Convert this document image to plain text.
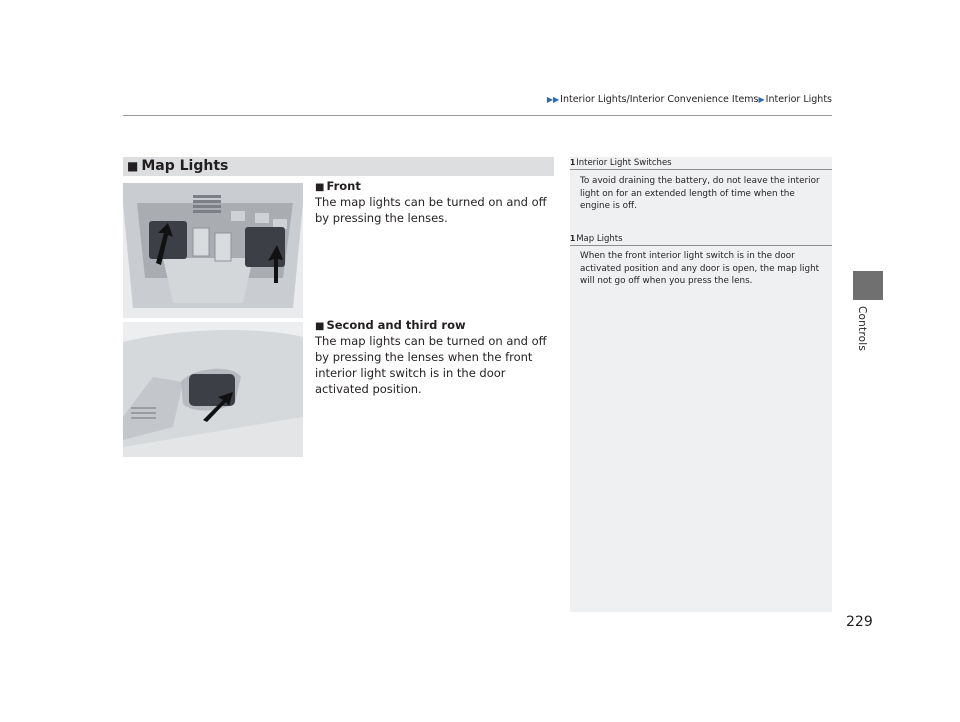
▶▶Interior Lights/Interior Convenience Items▶Interior Lights
Controls
■ Map Lights
■ Front
The map lights can be turned on and off by pressing the lenses.
■ Second and third row
The map lights can be turned on and off by pressing the lenses when the front interior light switch is in the door activated position.
1Interior Light Switches
To avoid draining the battery, do not leave the interior light on for an extended length of time when the engine is off.
1Map Lights
When the front interior light switch is in the door activated position and any door is open, the map light will not go off when you press the lens.
229
